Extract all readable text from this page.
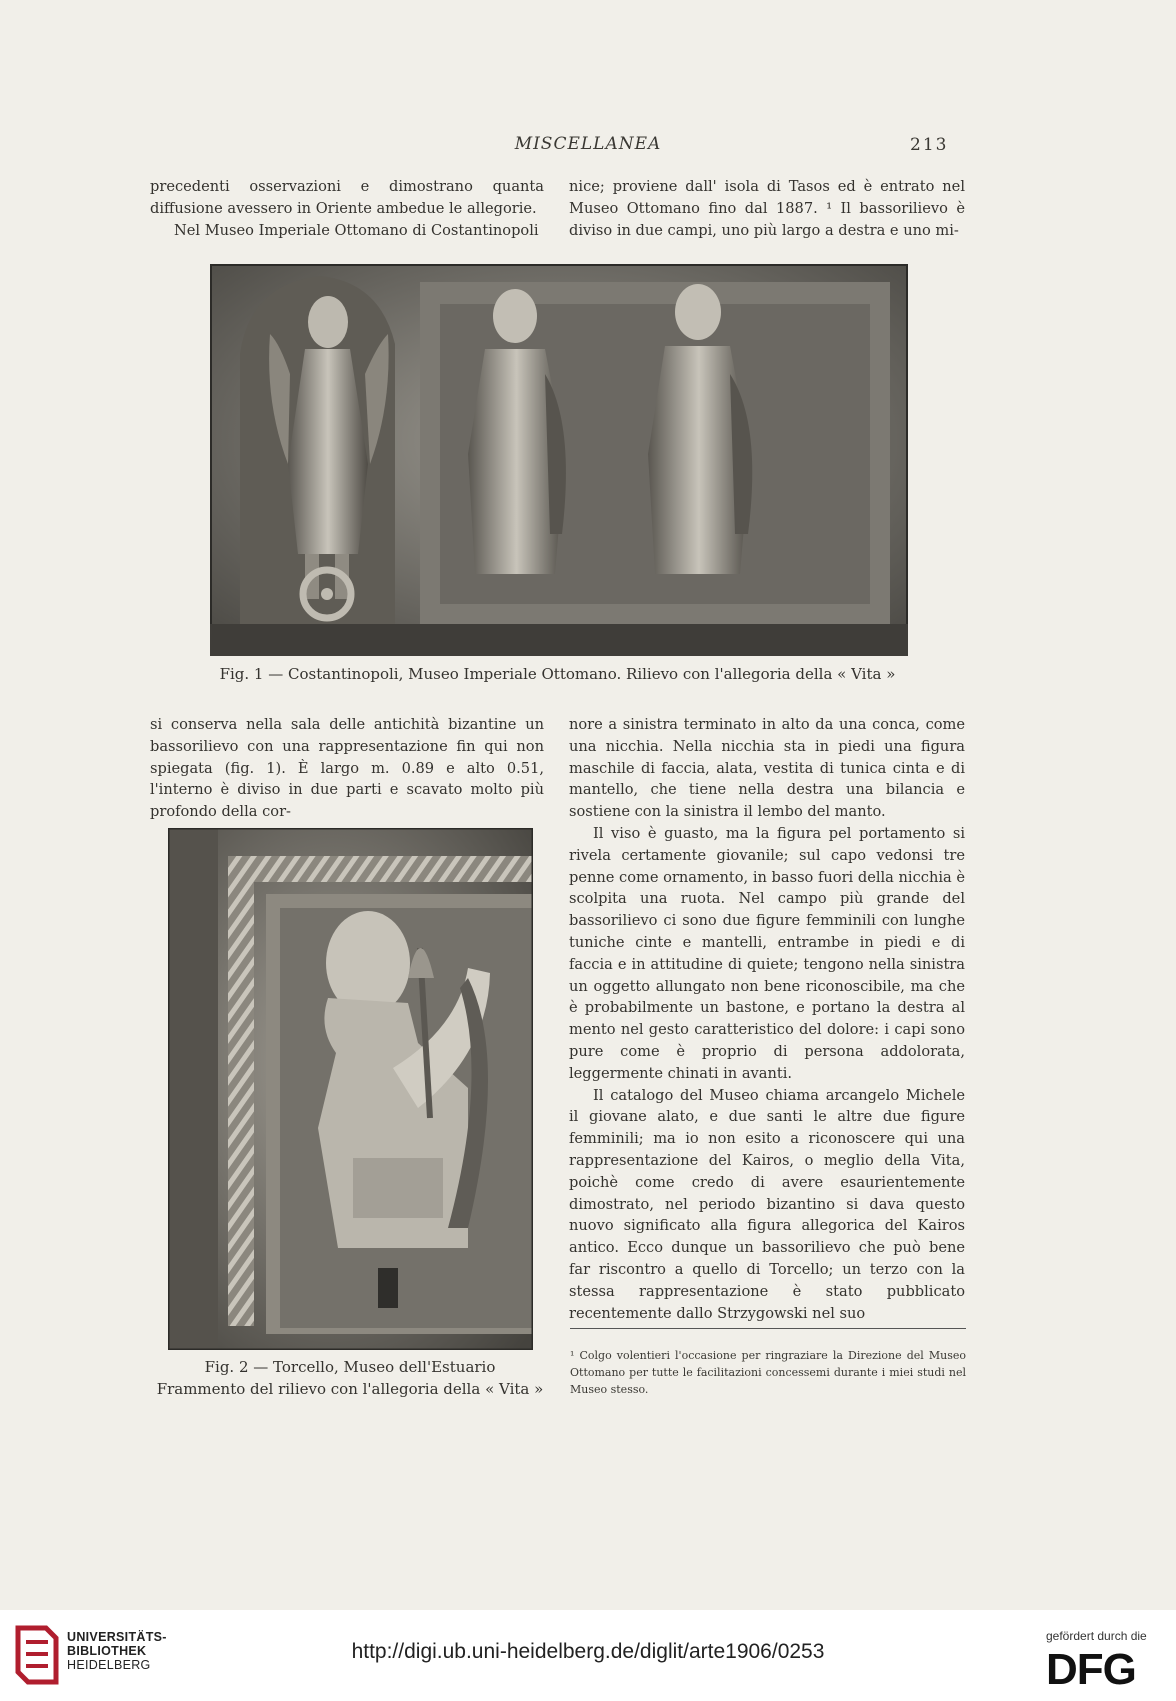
MISCELLANEA	213

precedenti osservazioni e dimostrano quanta diffusione avessero in Oriente ambedue le allegorie.

Nel Museo Imperiale Ottomano di Costantinopoli

nice; proviene dall' isola di Tasos ed è entrato nel Museo Ottomano fino dal 1887. ¹ Il bassorilievo è diviso in due campi, uno più largo a destra e uno mi-

Fig. 1 — Costantinopoli, Museo Imperiale Ottomano. Rilievo con l'allegoria della « Vita »

si conserva nella sala delle antichità bizantine un bassorilievo con una rappresentazione fin qui non spiegata (fig. 1). È largo m. 0.89 e alto 0.51, l'interno è diviso in due parti e scavato molto più profondo della cor-

Fig. 2 — Torcello, Museo dell'Estuario
Frammento del rilievo con l'allegoria della « Vita »

nore a sinistra terminato in alto da una conca, come una nicchia. Nella nicchia sta in piedi una figura maschile di faccia, alata, vestita di tunica cinta e di mantello, che tiene nella destra una bilancia e sostiene con la sinistra il lembo del manto.

Il viso è guasto, ma la figura pel portamento si rivela certamente giovanile; sul capo vedonsi tre penne come ornamento, in basso fuori della nicchia è scolpita una ruota. Nel campo più grande del bassorilievo ci sono due figure femminili con lunghe tuniche cinte e mantelli, entrambe in piedi e di faccia e in attitudine di quiete; tengono nella sinistra un oggetto allungato non bene riconoscibile, ma che è probabilmente un bastone, e portano la destra al mento nel gesto caratteristico del dolore: i capi sono pure come è proprio di persona addolorata, leggermente chinati in avanti.

Il catalogo del Museo chiama arcangelo Michele il giovane alato, e due santi le altre due figure femminili; ma io non esito a riconoscere qui una rappresentazione del Kairos, o meglio della Vita, poichè come credo di avere esaurientemente dimostrato, nel periodo bizantino si dava questo nuovo significato alla figura allegorica del Kairos antico. Ecco dunque un bassorilievo che può bene far riscontro a quello di Torcello; un terzo con la stessa rappresentazione è stato pubblicato recentemente dallo Strzygowski nel suo

¹ Colgo volentieri l'occasione per ringraziare la Direzione del Museo Ottomano per tutte le facilitazioni concessemi durante i miei studi nel Museo stesso.
UNIVERSITÄTS-
BIBLIOTHEK
HEIDELBERG
http://digi.ub.uni-heidelberg.de/diglit/arte1906/0253
gefördert durch die
DFG
